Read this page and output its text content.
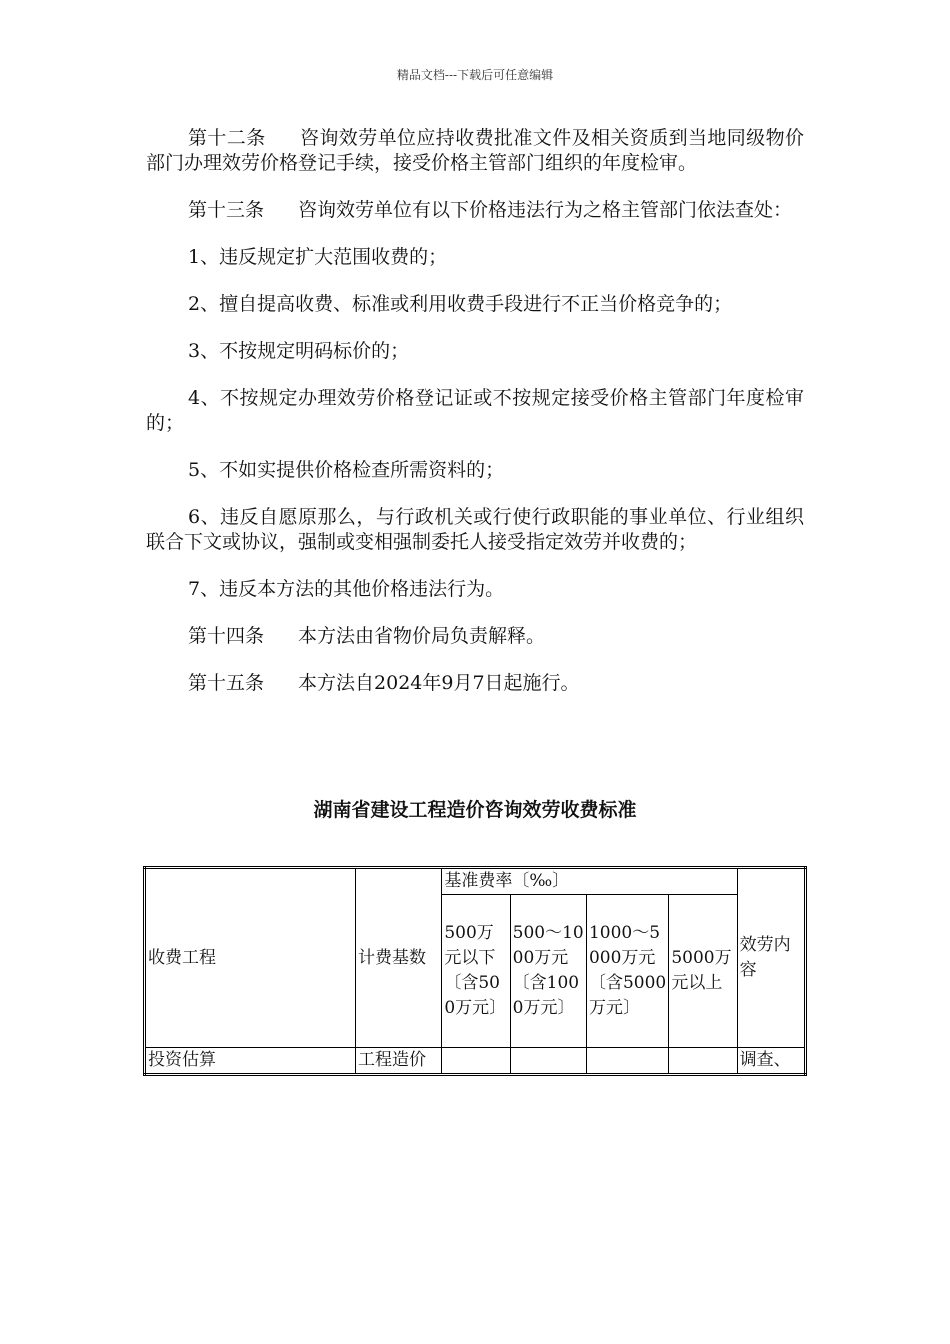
精品文档---下载后可任意编辑

第十二条 咨询效劳单位应持收费批准文件及相关资质到当地同级物价部门办理效劳价格登记手续，接受价格主管部门组织的年度检审。

第十三条 咨询效劳单位有以下价格违法行为之格主管部门依法查处：

1、违反规定扩大范围收费的；

2、擅自提高收费、标准或利用收费手段进行不正当价格竞争的；

3、不按规定明码标价的；

4、不按规定办理效劳价格登记证或不按规定接受价格主管部门年度检审的；

5、不如实提供价格检查所需资料的；

6、违反自愿原那么，与行政机关或行使行政职能的事业单位、行业组织联合下文或协议，强制或变相强制委托人接受指定效劳并收费的；

7、违反本方法的其他价格违法行为。

第十四条 本方法由省物价局负责解释。

第十五条 本方法自2024年9月7日起施行。

湖南省建设工程造价咨询效劳收费标准
收费工程	计费基数	基准费率〔‰〕				效劳内容
		500万元以下〔含500万元〕	500～1000万元〔含1000万元〕	1000～5000万元〔含5000万元〕	5000万元以上	
投资估算	工程造价					调查、
